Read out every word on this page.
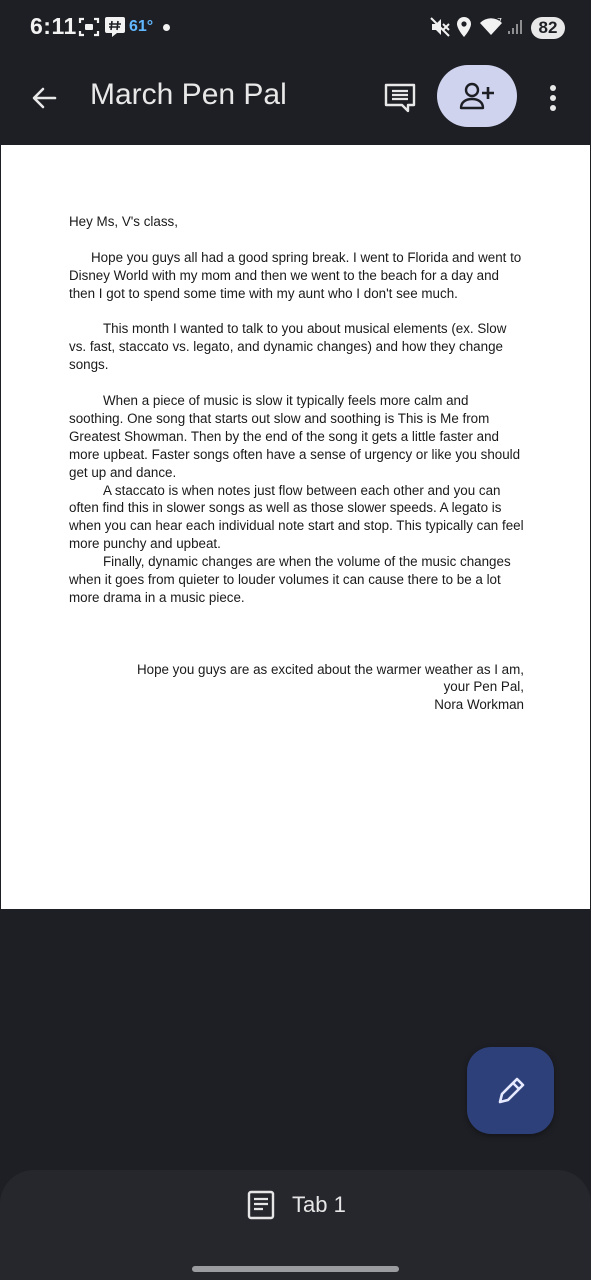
6:11	61°	7	82
March Pen Pal

Hey Ms, V's class,

Hope you guys all had a good spring break. I went to Florida and went to Disney World with my mom and then we went to the beach for a day and then I got to spend some time with my aunt who I don't see much.

This month I wanted to talk to you about musical elements (ex. Slow vs. fast, staccato vs. legato, and dynamic changes) and how they change songs.

When a piece of music is slow it typically feels more calm and soothing. One song that starts out slow and soothing is This is Me from Greatest Showman. Then by the end of the song it gets a little faster and more upbeat. Faster songs often have a sense of urgency or like you should get up and dance.

A staccato is when notes just flow between each other and you can often find this in slower songs as well as those slower speeds. A legato is when you can hear each individual note start and stop. This typically can feel more punchy and upbeat.

Finally, dynamic changes are when the volume of the music changes when it goes from quieter to louder volumes it can cause there to be a lot more drama in a music piece.

Hope you guys are as excited about the warmer weather as I am,

your Pen Pal,

Nora Workman

Tab 1
